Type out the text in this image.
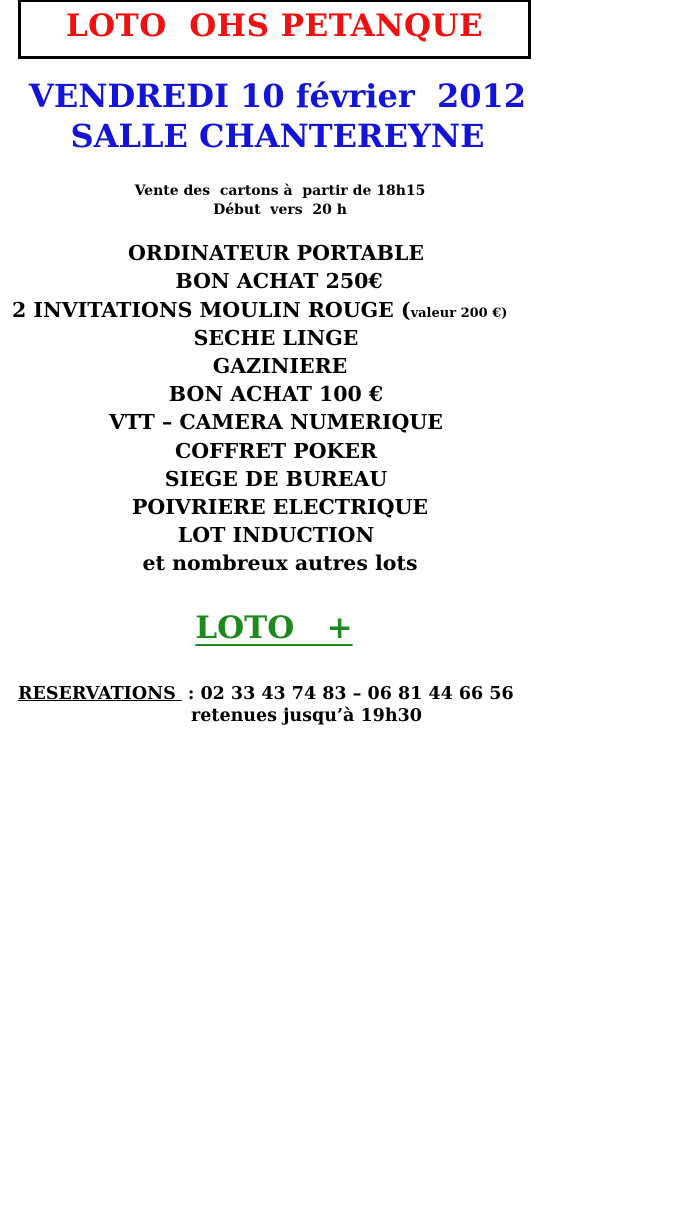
LOTO  OHS PETANQUE
VENDREDI 10 février  2012
SALLE CHANTEREYNE
Vente des  cartons à  partir de 18h15
Début  vers  20 h
ORDINATEUR PORTABLE
BON ACHAT 250€
2 INVITATIONS MOULIN ROUGE (valeur 200 €)
SECHE LINGE
GAZINIERE
BON ACHAT 100 €
VTT – CAMERA NUMERIQUE
COFFRET POKER
SIEGE DE BUREAU
POIVRIERE ELECTRIQUE
LOT INDUCTION
et nombreux autres lots
LOTO   +
RESERVATIONS  : 02 33 43 74 83 – 06 81 44 66 56
retenues jusqu’à 19h30
